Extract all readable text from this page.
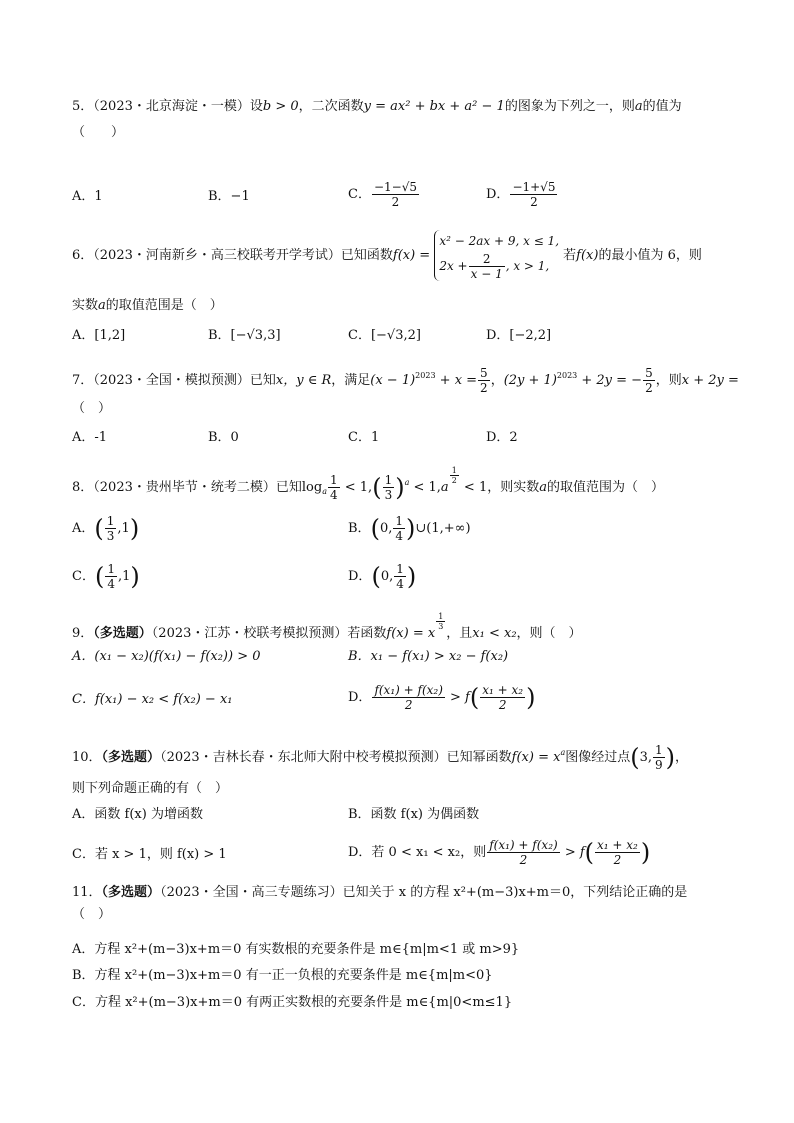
5．（2023・北京海淀・一模）设b > 0，二次函数y = ax² + bx + a² − 1的图象为下列之一，则a的值为
（　　）
A．1	B．−1	C． $\frac{-1-√5}{2}$	D． $\frac{-1+√5}{2}$
6．（2023・河南新乡・高三校联考开学考试）已知函数f(x) = x² − 2ax + 9, x ≤ 1,
$2x + \frac{2}{x - 1}$ , x > 1, 若f(x)的最小值为 6，则
实数a的取值范围是（　）
A．[1,2]	B．[−√3,3]	C．[−√3,2]	D．[−2,2]
7．（2023・全国・模拟预测）已知x，y ∈ R，满足$(x - 1)^{2023} + x = \frac{5}{2}$ ，$(2y + 1)^{2023} + 2y$ = − $\frac{5}{2}$ ，则x + 2y =
（　）
A．-1	B．0	C．1	D．2
8．（2023・贵州毕节・统考二模）已知$\log_a \frac{1}{4} < 1,( \frac{1}{3} )^a < 1,a$
$\frac{1}{2}$
< 1，则实数a的取值范围为（　）
A．( $\frac{1}{3} ,1$)	B．(0, $\frac{1}{4}$ )∪(1,+∞)
C．( $\frac{1}{4} ,1$)	D．(0, $\frac{1}{4}$ )
9．（多选题）（2023・江苏・校联考模拟预测）若函数f(x) = x
$\frac{1}{3}$
，且x₁ < x₂，则（　）
A．(x₁ − x₂)(f(x₁) − f(x₂)) > 0	B．x₁ − f(x₁) > x₂ − f(x₂)
C．f(x₁) − x₂ < f(x₂) − x₁	D． $\frac{\text{f(x₁) + f(x₂)}}{2} > f( \frac{\text{x₁ + x₂}}{2}$ )
10．（多选题）（2023・吉林长春・东北师大附中校考模拟预测）已知幂函数$f(x) = x^a$图像经过点(3, $\frac{1}{9}$ )，
则下列命题正确的有（　）
A．函数 f(x) 为增函数	B．函数 f(x) 为偶函数
C．若 x > 1，则 f(x) > 1	D．若 0 < x₁ < x₂，则 $\frac{\text{f(x₁) + f(x₂)}}{2} > f( \frac{\text{x₁ + x₂}}{2}$ )
11．（多选题）（2023・全国・高三专题练习）已知关于 x 的方程 x²+(m−3)x+m＝0，下列结论正确的是
（　）
A．方程 x²+(m−3)x+m＝0 有实数根的充要条件是 m∈{m|m<1 或 m>9}
B．方程 x²+(m−3)x+m＝0 有一正一负根的充要条件是 m∈{m|m<0}
C．方程 x²+(m−3)x+m＝0 有两正实数根的充要条件是 m∈{m|0<m≤1}
